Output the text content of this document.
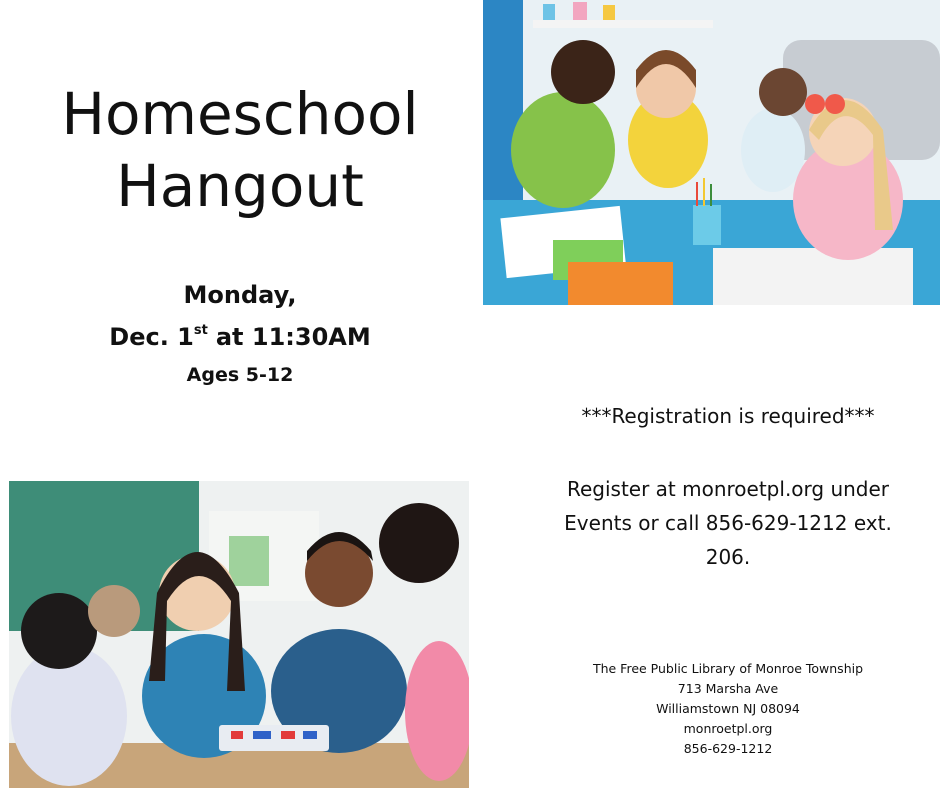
Homeschool
Hangout
Monday,
Dec. 1st at 11:30AM
Ages 5-12
***Registration is required***
Register at monroetpl.org under Events or call 856-629-1212 ext. 206.
The Free Public Library of Monroe Township
713 Marsha Ave
Williamstown NJ 08094
monroetpl.org
856-629-1212
